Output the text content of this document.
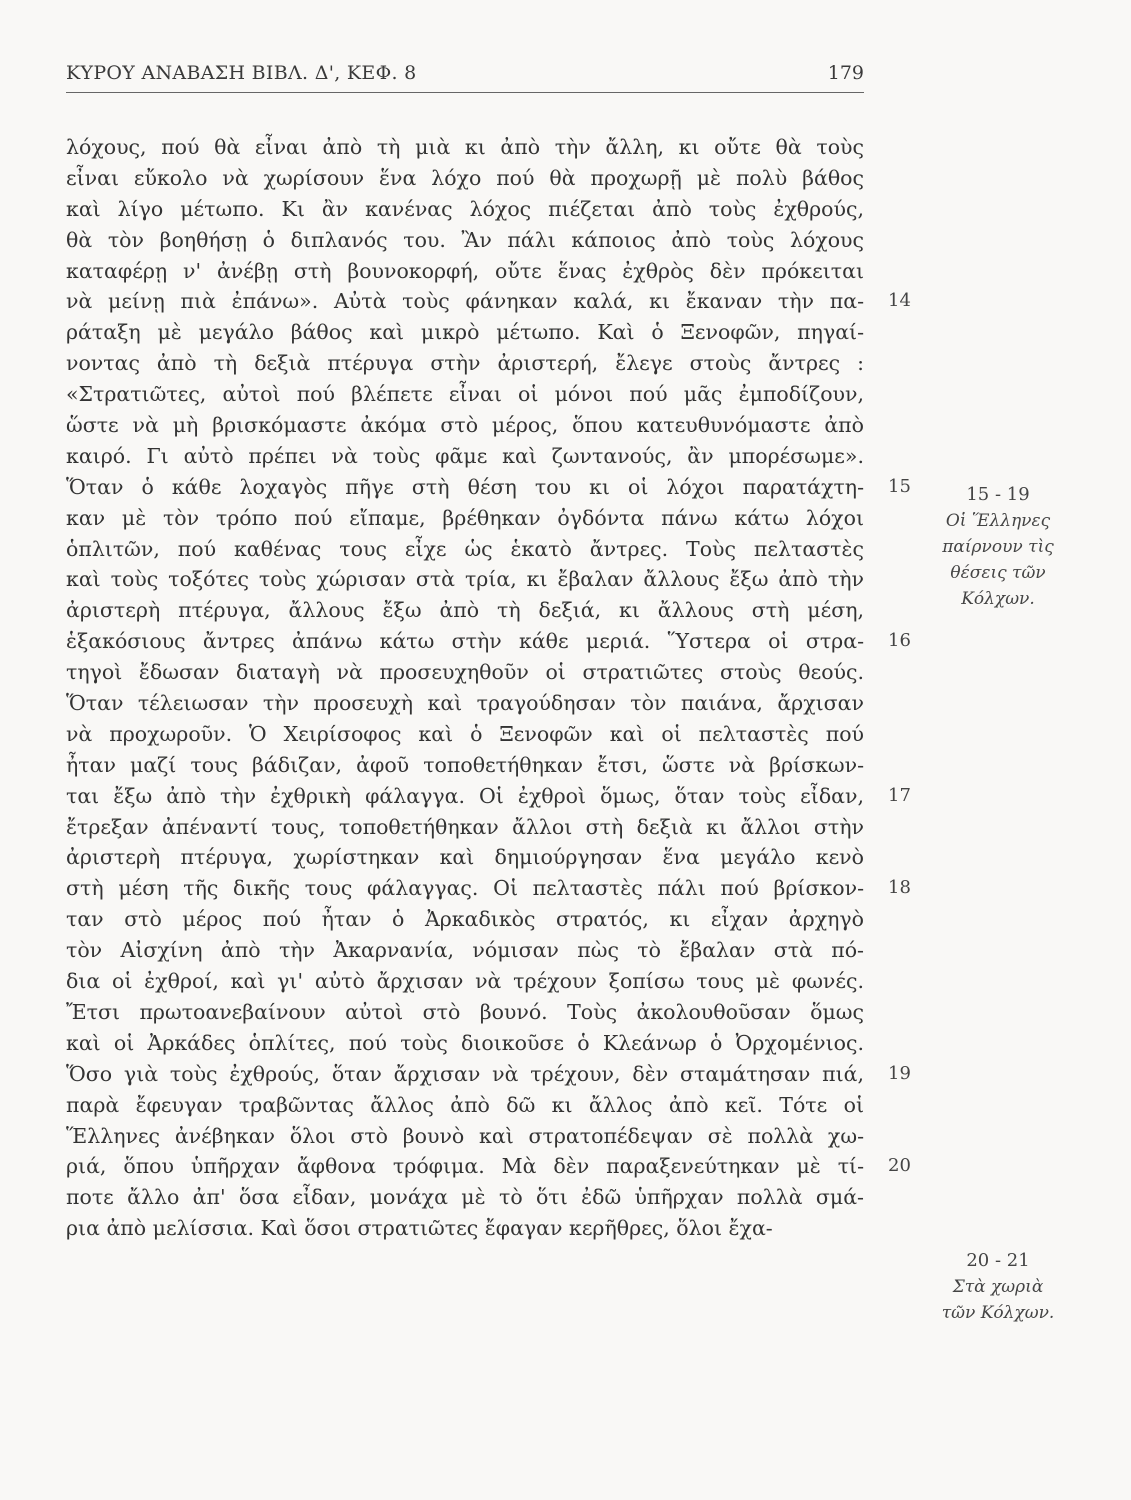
ΚΥΡΟΥ ΑΝΑΒΑΣΗ ΒΙΒΛ. Δ', ΚΕΦ. 8	179
λόχους, πού θὰ εἶναι ἀπὸ τὴ μιὰ κι ἀπὸ τὴν ἄλλη, κι οὔτε θὰ τοὺς
εἶναι εὔκολο νὰ χωρίσουν ἕνα λόχο πού θὰ προχωρῇ μὲ πολὺ βάθος
καὶ λίγο μέτωπο. Κι ἂν κανένας λόχος πιέζεται ἀπὸ τοὺς ἐχθρούς,
θὰ τὸν βοηθήσῃ ὁ διπλανός του. Ἂν πάλι κάποιος ἀπὸ τοὺς λόχους
καταφέρῃ ν' ἀνέβῃ στὴ βουνοκορφή, οὔτε ἕνας ἐχθρὸς δὲν πρόκειται
νὰ μείνῃ πιὰ ἐπάνω». Αὐτὰ τοὺς φάνηκαν καλά, κι ἔκαναν τὴν πα- 14
ράταξη μὲ μεγάλο βάθος καὶ μικρὸ μέτωπο. Καὶ ὁ Ξενοφῶν, πηγαί-
νοντας ἀπὸ τὴ δεξιὰ πτέρυγα στὴν ἀριστερή, ἔλεγε στοὺς ἄντρες :
«Στρατιῶτες, αὐτοὶ πού βλέπετε εἶναι οἱ μόνοι πού μᾶς ἐμποδίζουν,
ὥστε νὰ μὴ βρισκόμαστε ἀκόμα στὸ μέρος, ὅπου κατευθυνόμαστε ἀπὸ
καιρό. Γι αὐτὸ πρέπει νὰ τοὺς φᾶμε καὶ ζωντανούς, ἂν μπορέσωμε».
Ὅταν ὁ κάθε λοχαγὸς πῆγε στὴ θέση του κι οἱ λόχοι παρατάχτη- 15
καν μὲ τὸν τρόπο πού εἴπαμε, βρέθηκαν ὀγδόντα πάνω κάτω λόχοι
ὁπλιτῶν, πού καθένας τους εἶχε ὡς ἑκατὸ ἄντρες. Τοὺς πελταστὲς
καὶ τοὺς τοξότες τοὺς χώρισαν στὰ τρία, κι ἔβαλαν ἄλλους ἔξω ἀπὸ τὴν
ἀριστερὴ πτέρυγα, ἄλλους ἔξω ἀπὸ τὴ δεξιά, κι ἄλλους στὴ μέση,
ἑξακόσιους ἄντρες ἀπάνω κάτω στὴν κάθε μεριά. Ὕστερα οἱ στρα- 16
τηγοὶ ἔδωσαν διαταγὴ νὰ προσευχηθοῦν οἱ στρατιῶτες στοὺς θεούς.
Ὅταν τέλειωσαν τὴν προσευχὴ καὶ τραγούδησαν τὸν παιάνα, ἄρχισαν
νὰ προχωροῦν. Ὁ Χειρίσοφος καὶ ὁ Ξενοφῶν καὶ οἱ πελταστὲς πού
ἦταν μαζί τους βάδιζαν, ἀφοῦ τοποθετήθηκαν ἔτσι, ὥστε νὰ βρίσκων-
ται ἔξω ἀπὸ τὴν ἐχθρικὴ φάλαγγα. Οἱ ἐχθροὶ ὅμως, ὅταν τοὺς εἶδαν, 17
ἔτρεξαν ἀπέναντί τους, τοποθετήθηκαν ἄλλοι στὴ δεξιὰ κι ἄλλοι στὴν
ἀριστερὴ πτέρυγα, χωρίστηκαν καὶ δημιούργησαν ἕνα μεγάλο κενὸ
στὴ μέση τῆς δικῆς τους φάλαγγας. Οἱ πελταστὲς πάλι πού βρίσκον- 18
ταν στὸ μέρος πού ἦταν ὁ Ἀρκαδικὸς στρατός, κι εἶχαν ἀρχηγὸ
τὸν Αἰσχίνη ἀπὸ τὴν Ἀκαρνανία, νόμισαν πὼς τὸ ἔβαλαν στὰ πό-
δια οἱ ἐχθροί, καὶ γι' αὐτὸ ἄρχισαν νὰ τρέχουν ξοπίσω τους μὲ φωνές.
Ἔτσι πρωτοανεβαίνουν αὐτοὶ στὸ βουνό. Τοὺς ἀκολουθοῦσαν ὅμως
καὶ οἱ Ἀρκάδες ὁπλίτες, πού τοὺς διοικοῦσε ὁ Κλεάνωρ ὁ Ὀρχομένιος.
Ὅσο γιὰ τοὺς ἐχθρούς, ὅταν ἄρχισαν νὰ τρέχουν, δὲν σταμάτησαν πιά, 19
παρὰ ἔφευγαν τραβῶντας ἄλλος ἀπὸ δῶ κι ἄλλος ἀπὸ κεῖ. Τότε οἱ
Ἕλληνες ἀνέβηκαν ὅλοι στὸ βουνὸ καὶ στρατοπέδεψαν σὲ πολλὰ χω-
ριά, ὅπου ὑπῆρχαν ἄφθονα τρόφιμα. Μὰ δὲν παραξενεύτηκαν μὲ τί- 20
ποτε ἄλλο ἀπ' ὅσα εἶδαν, μονάχα μὲ τὸ ὅτι ἐδῶ ὑπῆρχαν πολλὰ σμά-
ρια ἀπὸ μελίσσια. Καὶ ὅσοι στρατιῶτες ἔφαγαν κερῆθρες, ὅλοι ἔχα-
15 - 19
Οἱ Ἕλληνες
παίρνουν τὶς
θέσεις τῶν
Κόλχων.
20 - 21
Στὰ χωριὰ
τῶν Κόλχων.
